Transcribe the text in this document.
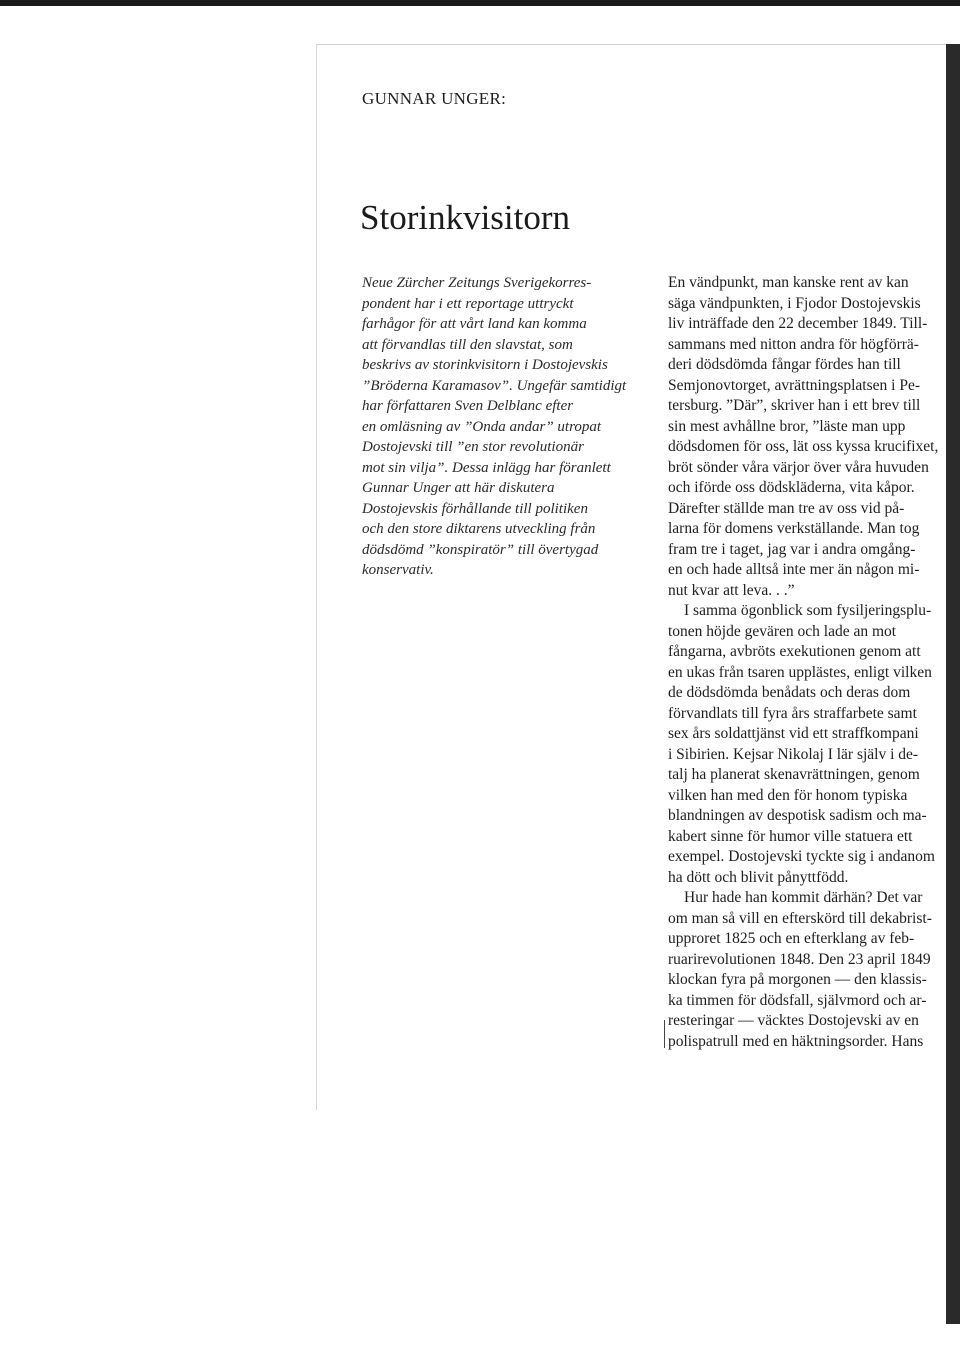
GUNNAR UNGER:
Storinkvisitorn

Neue Zürcher Zeitungs Sverigekorres-
pondent har i ett reportage uttryckt
farhågor för att vårt land kan komma
att förvandlas till den slavstat, som
beskrivs av storinkvisitorn i Dostojevskis
”Bröderna Karamasov”. Ungefär samtidigt
har författaren Sven Delblanc efter
en omläsning av ”Onda andar” utropat
Dostojevski till ”en stor revolutionär
mot sin vilja”. Dessa inlägg har föranlett
Gunnar Unger att här diskutera
Dostojevskis förhållande till politiken
och den store diktarens utveckling från
dödsdömd ”konspiratör” till övertygad
konservativ.

En vändpunkt, man kanske rent av kan
säga vändpunkten, i Fjodor Dostojevskis
liv inträffade den 22 december 1849. Till-
sammans med nitton andra för högförrä-
deri dödsdömda fångar fördes han till
Semjonovtorget, avrättningsplatsen i Pe-
tersburg. ”Där”, skriver han i ett brev till
sin mest avhållne bror, ”läste man upp
dödsdomen för oss, lät oss kyssa krucifixet,
bröt sönder våra värjor över våra huvuden
och iförde oss dödskläderna, vita kåpor.
Därefter ställde man tre av oss vid på-
larna för domens verkställande. Man tog
fram tre i taget, jag var i andra omgång-
en och hade alltså inte mer än någon mi-
nut kvar att leva. . .”
I samma ögonblick som fysiljeringsplu-
tonen höjde gevären och lade an mot
fångarna, avbröts exekutionen genom att
en ukas från tsaren upplästes, enligt vilken
de dödsdömda benådats och deras dom
förvandlats till fyra års straffarbete samt
sex års soldattjänst vid ett straffkompani
i Sibirien. Kejsar Nikolaj I lär själv i de-
talj ha planerat skenavrättningen, genom
vilken han med den för honom typiska
blandningen av despotisk sadism och ma-
kabert sinne för humor ville statuera ett
exempel. Dostojevski tyckte sig i andanom
ha dött och blivit pånyttfödd.
Hur hade han kommit därhän? Det var
om man så vill en efterskörd till dekabrist-
upproret 1825 och en efterklang av feb-
ruarirevolutionen 1848. Den 23 april 1849
klockan fyra på morgonen — den klassis-
ka timmen för dödsfall, självmord och ar-
resteringar — väcktes Dostojevski av en
polispatrull med en häktningsorder. Hans
